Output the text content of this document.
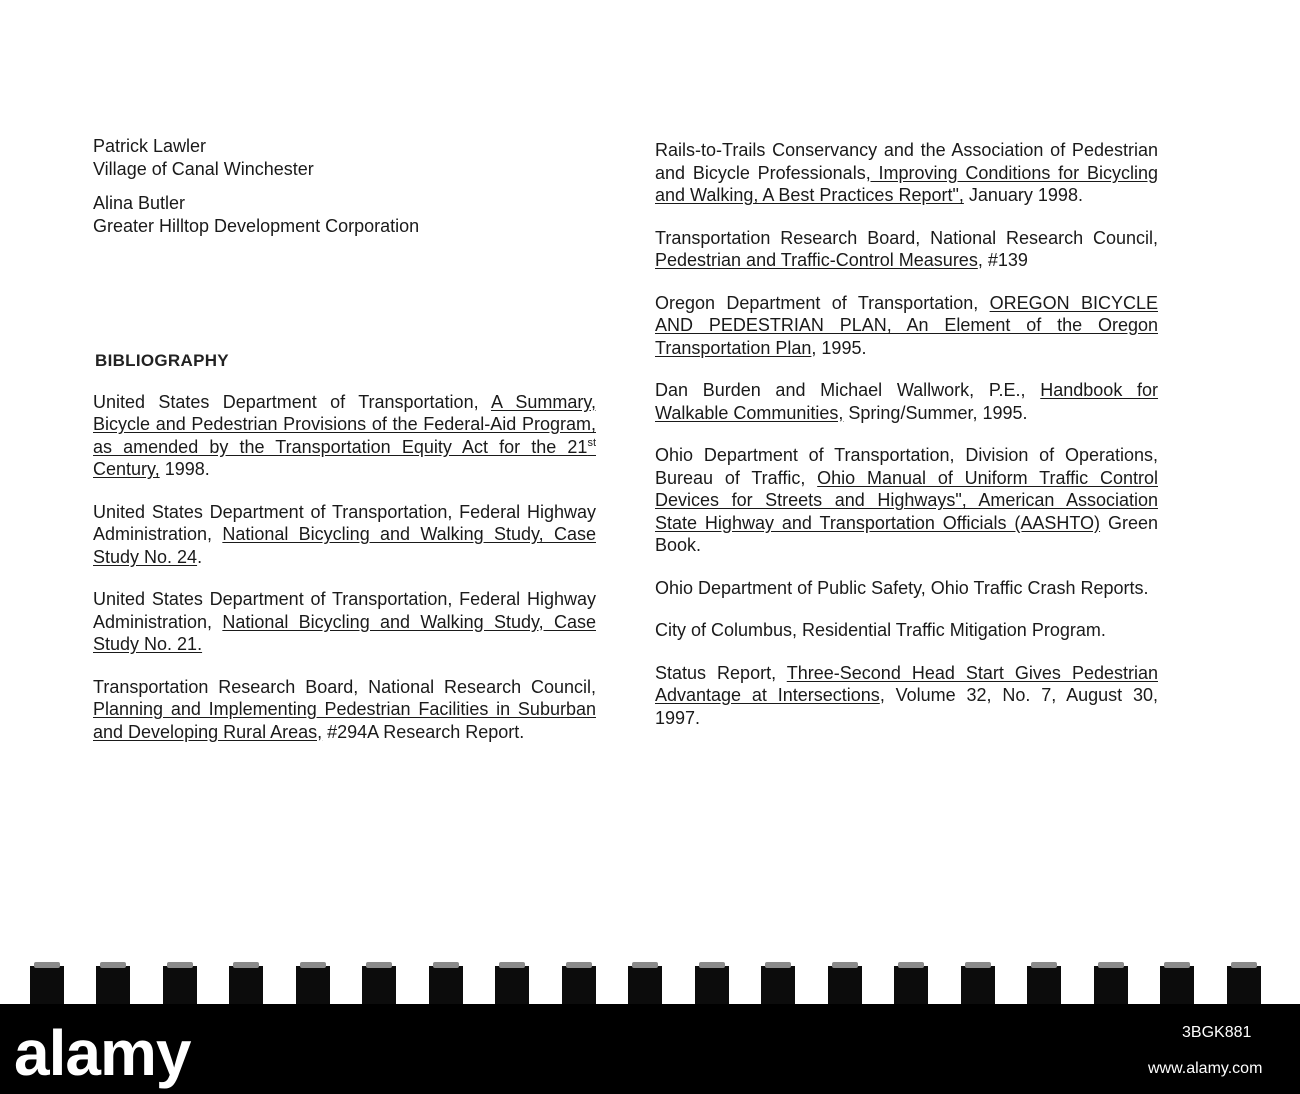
Patrick Lawler
Village of Canal Winchester
Alina Butler
Greater Hilltop Development Corporation
BIBLIOGRAPHY
United States Department of Transportation, A Summary, Bicycle and Pedestrian Provisions of the Federal-Aid Program, as amended by the Transportation Equity Act for the 21st Century, 1998.
United States Department of Transportation, Federal Highway Administration, National Bicycling and Walking Study, Case Study No. 24.
United States Department of Transportation, Federal Highway Administration, National Bicycling and Walking Study, Case Study No. 21.
Transportation Research Board, National Research Council, Planning and Implementing Pedestrian Facilities in Suburban and Developing Rural Areas, #294A Research Report.
Rails-to-Trails Conservancy and the Association of Pedestrian and Bicycle Professionals, Improving Conditions for Bicycling and Walking, A Best Practices Report", January 1998.
Transportation Research Board, National Research Council, Pedestrian and Traffic-Control Measures, #139
Oregon Department of Transportation, OREGON BICYCLE AND PEDESTRIAN PLAN, An Element of the Oregon Transportation Plan, 1995.
Dan Burden and Michael Wallwork, P.E., Handbook for Walkable Communities, Spring/Summer, 1995.
Ohio Department of Transportation, Division of Operations, Bureau of Traffic, Ohio Manual of Uniform Traffic Control Devices for Streets and Highways", American Association State Highway and Transportation Officials (AASHTO) Green Book.
Ohio Department of Public Safety, Ohio Traffic Crash Reports.
City of Columbus, Residential Traffic Mitigation Program.
Status Report, Three-Second Head Start Gives Pedestrian Advantage at Intersections, Volume 32, No. 7, August 30, 1997.
alamy	3BGK881
www.alamy.com
